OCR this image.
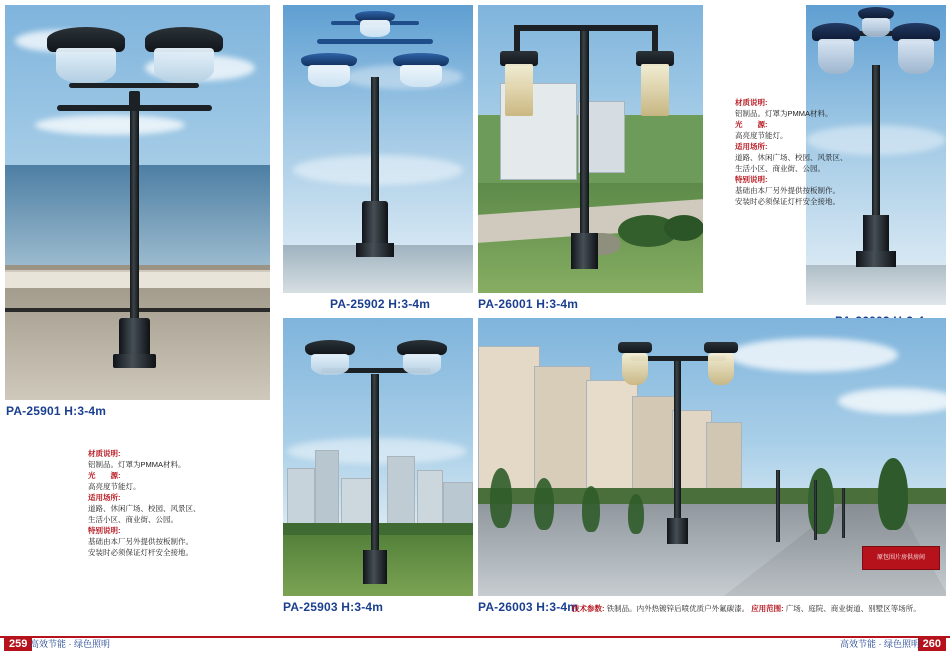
PA-25901 H:3-4m

材质说明:

铝制品。灯罩为PMMA材料。

光　　源:

高亮度节能灯。

适用场所:

道路、休闲广场、校园、风景区、

生活小区、商业街、公园。

特别说明:

基础由本厂另外提供按板制作。

安装时必须保证灯杆安全接地。

PA-25902 H:3-4m	PA-26001 H:3-4m

材质说明:

铝制品。灯罩为PMMA材料。

光　　源:

高亮度节能灯。

适用场所:

道路、休闲广场、校园、风景区、

生活小区、商业街、公园。

特别说明:

基础由本厂另外提供按板制作。

安装时必须保证灯杆安全接地。

PA-25903 H:3-4m
原包围片房供房间
PA-26003 H:3-4m
技术参数: 铁制品。内外热镀锌后喷优质户外氟碳漆。 应用范围: 广场、庭院、商业街道、别墅区等场所。
259 高效节能 · 绿色照明	260
高效节能 · 绿色照明
